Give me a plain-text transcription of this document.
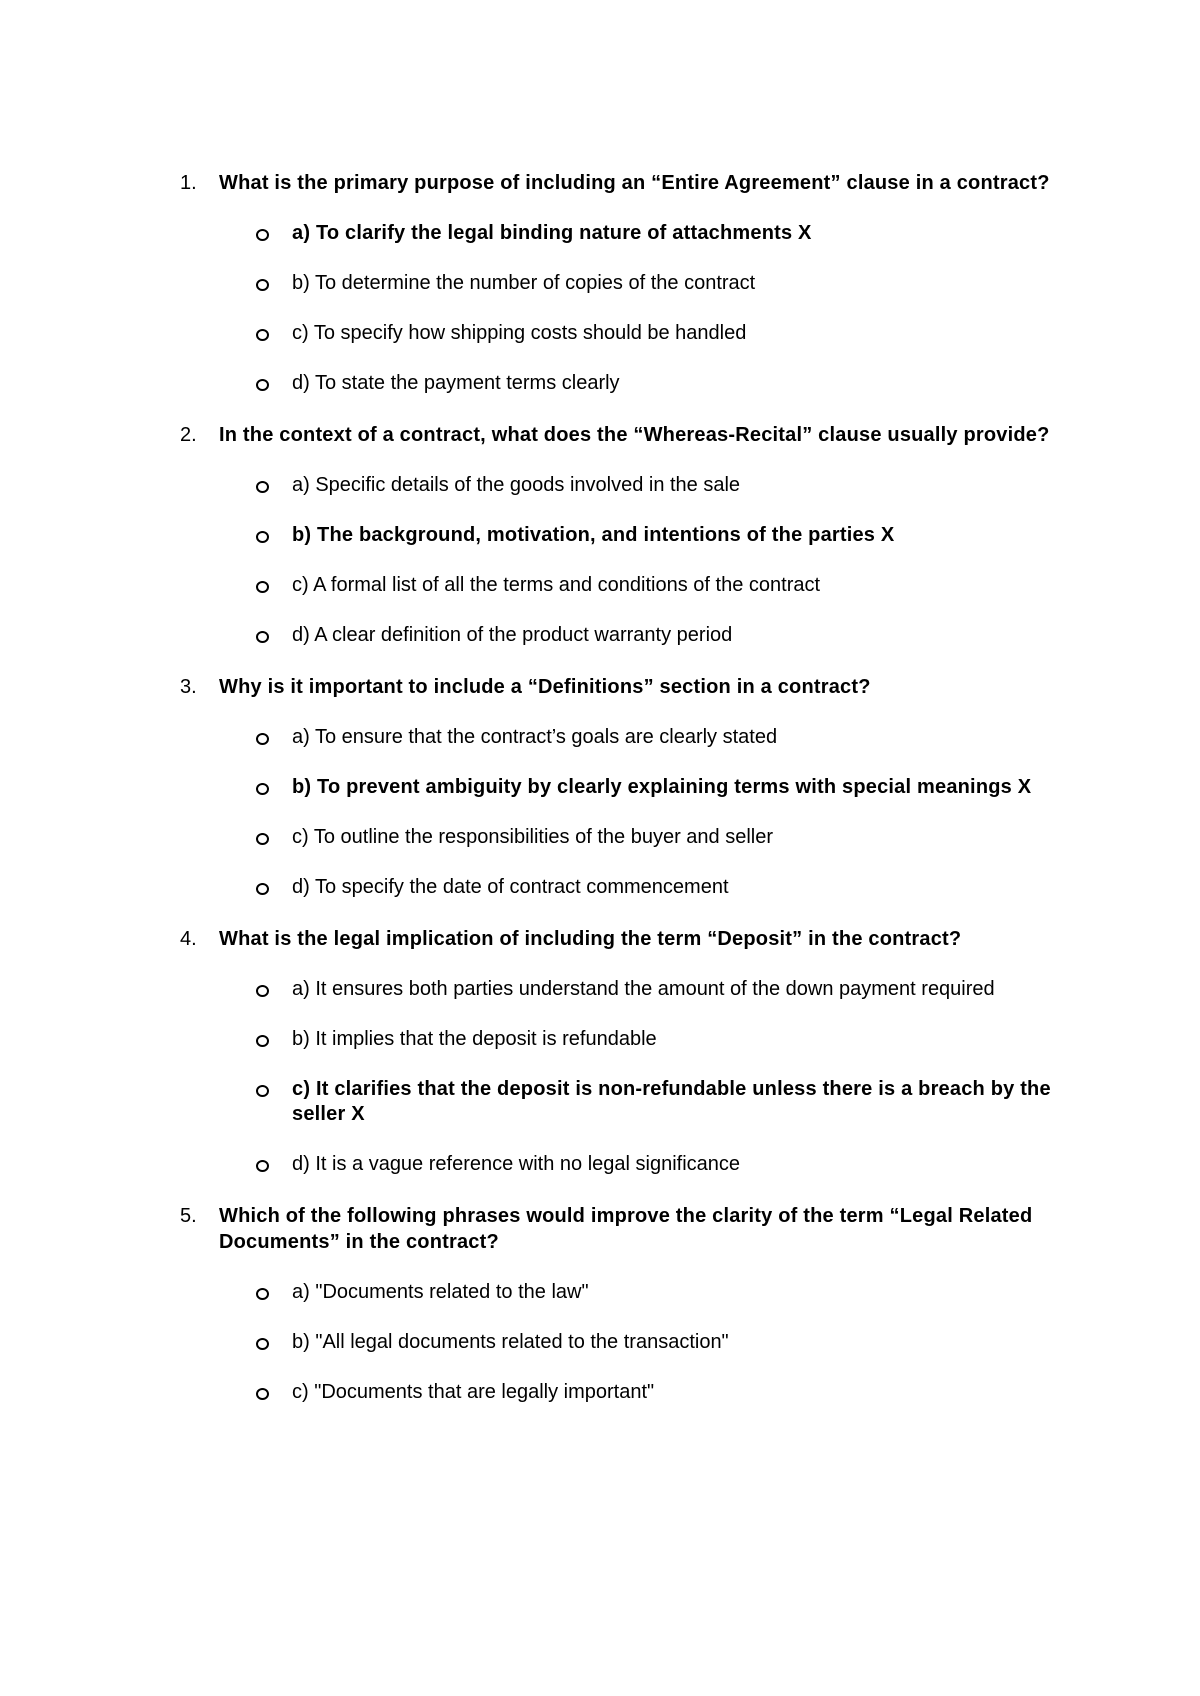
1. What is the primary purpose of including an “Entire Agreement” clause in a contract?

a) To clarify the legal binding nature of attachments X
b) To determine the number of copies of the contract
c) To specify how shipping costs should be handled
d) To state the payment terms clearly
2. In the context of a contract, what does the “Whereas-Recital” clause usually provide?

a) Specific details of the goods involved in the sale
b) The background, motivation, and intentions of the parties X
c) A formal list of all the terms and conditions of the contract
d) A clear definition of the product warranty period
3. Why is it important to include a “Definitions” section in a contract?

a) To ensure that the contract’s goals are clearly stated
b) To prevent ambiguity by clearly explaining terms with special meanings X
c) To outline the responsibilities of the buyer and seller
d) To specify the date of contract commencement
4. What is the legal implication of including the term “Deposit” in the contract?

a) It ensures both parties understand the amount of the down payment required
b) It implies that the deposit is refundable
c) It clarifies that the deposit is non-refundable unless there is a breach by the seller X
d) It is a vague reference with no legal significance
5. Which of the following phrases would improve the clarity of the term “Legal Related Documents” in the contract?

a) "Documents related to the law"
b) "All legal documents related to the transaction"
c) "Documents that are legally important"
